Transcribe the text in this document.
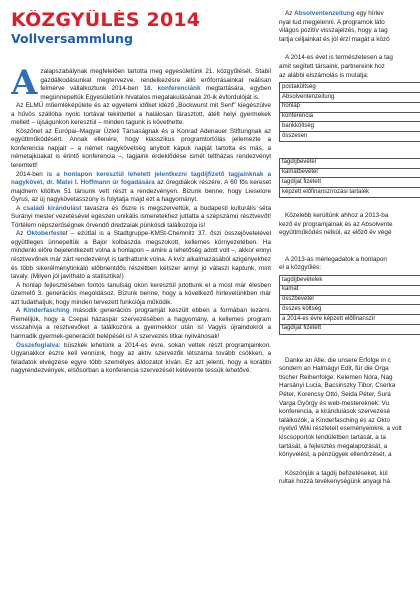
KÖZGYŰLÉS 2014
Vollversammlung

A zalapszabálynak megfelelően tartotta meg egyesületünk 21. közgyűlését. Stabil gazdálkodásunkat megtervezve, rendelkezésre álló erőforrásainkat reálisan felmérve vállalkoztunk 2014-ben 18. konferenciánk megtartására, egyben megünnepeltük Egyesületünk hivatalos megalakulásának 20-ik évfordulóját is.

Az ELMŰ műemléképülete és az egyetemi időket idéző „Bockwurst mit Senf" kiegészülve a hűvös szállóba nyolc tortával tekintettel a halálosan fárasztott, átélt helyi gyermekek mellett – újságunkon keresztül – minden tagunk is követhette.

Köszönet az Európai–Magyar Üzleti Társaságnak és a Konrad Adenauer Stiftungnak az együttműködésért. Annak ellenére, hogy klasszikus programtortólás jellemezte a konferencia napjait – a német nagykövetség anyitott kapuk napját tartotta és más, a németajkúakat is érintő konferencia –, tagjaink érdeklődése ismét teltházas rendezvényt teremtett!

2014-ben is a honlapon keresztül lehetett jelentkezni tagdíjfizető tagjainknak a nagykövet, dr. Matei I. Hoffmann úr fogadására az óregdiákok részére. A 60 fős kereset majdnem kitöltve 51 társunk vett részt a rendezvényen. Bizunk benne, hogy Lieselore Gyrus, az új nagykövetasszony is folytatja majd ezt a hagyományt.

A családi kirándulást tavaszra és őszre is megszervettük, a budapesti kulturális séta Surányi mester vezetésével egészen unikális ismeretekhez juttatta a szépszámú résztvevőt! Törtélem népszerűségnek örvendő dredzaiak pünkösdi találkozója is!

Az Oktoberfestet – ezúttal is a Stadtgruppe-KMSt-Chemnitz 37. őszi összejövetelével együttleges ünnepeltük a Bajor kolbászda megszokott, kellemes környezetében. Ha mindenki előre bejelentkezett volna a honlapon – amire a lehetőség adott volt –, akkor ennyi résztvevőnek már zárt rendezvényt is tarthattunk volna. A kvíz alkalmazásából azigényekhez és több sikerélménytinkáló előbnentdős részétben kétszer annyi jó válaszi kaptunk, mint tavaly. (Milyen jól javítható a statisztika!)

A honlap fejlesztésében fontos tanulság okon keresztül jutottunk el a most már élesben üzemelő 3. generációs megoldásoz. Bízunk benne, hogy a következő hírlevelünkben már azt tudathatjuk, hogy minden tervezett funkciója működik.

A Kinderfasching második generációs programját készült ebben a formában lezárni. Remélijük, hogy a Csepai házaspár szervezésében a hagyomány, a kellemes program visszahívja a résztvevőket a találkozóra a gyermekkor után is! Vagyis újraindokról a harmadik gyermek-generációt belépését is! A szervezés titkai nyilvánosak!

Összefoglalva: büszkék lehetünk a 2014-es évre, sokan vettek részt programjainkon. Ugyanakkor észre kell vennünk, hogy az aktív szervezők létszáma tovább csökken, a feladatok elvégzése egyre több személyes áldozatot kíván. Ez azt jelenti, hogy a korábbi nagyrendezvények, elsősorban a konferencia szervezését kétévente tessük lehetővé.

Az Absolventenzeitung egy hírlev
nyal tud megjelenni. A programok láto
világos pozitív visszajelzés, hogy a tag
tartja céljainkat és jól érzi magát a közö
A 2014-es évet is természetesen a tag
amit segített társaink, partnereink hoz
az alábbi elszámolás is mutatja:
postaköltség
Absolventenzeitung
honlap
konferencia
bankköltség
összesen
tagdíjbevétel
kamatbevétel
tagdíjat fizetett
képzett előfinanszírozási tartalék
Közelebb kerültünk ahhoz a 2013-ba
kező év programjainak és az Absolvente
együttműködés nélkül, az előző év végé
A 2013-as mérlegadatok a honlapon
el a közgyűlés:
tagdíjbevételek
kamat
összbevétel
összes költség
a 2014-es évre képzett előfinanszír
tagdíjat fizetett
Danke an Alle, die unsere Erfolge in c
sondern an Halmágyi Edit, für die Orga
tischer Reihenfolge: Kelemen Nóra, Nag
Harsányi Lucia, Bacsinszky Tibor, Cserka
Péter, Korencsy Ottó, Seida Péter, Surá
Varga György és web-mestereknek: Vu
konferencia, a kirándulások szervezésé
találkozók, a Kinderfasching és az Okto
nyelvű Wiki részleteit eseményeinkre, a volt
kiscsoportok lendületben tartását, a ta
tartását, a fejlesztés megalapozását, a
könyvelést, a pénzügyek ellenőrzését, a
Köszönjük a tagdíj befizetéseket, kül
rultak hozzá tevékenységünk anyagi há
